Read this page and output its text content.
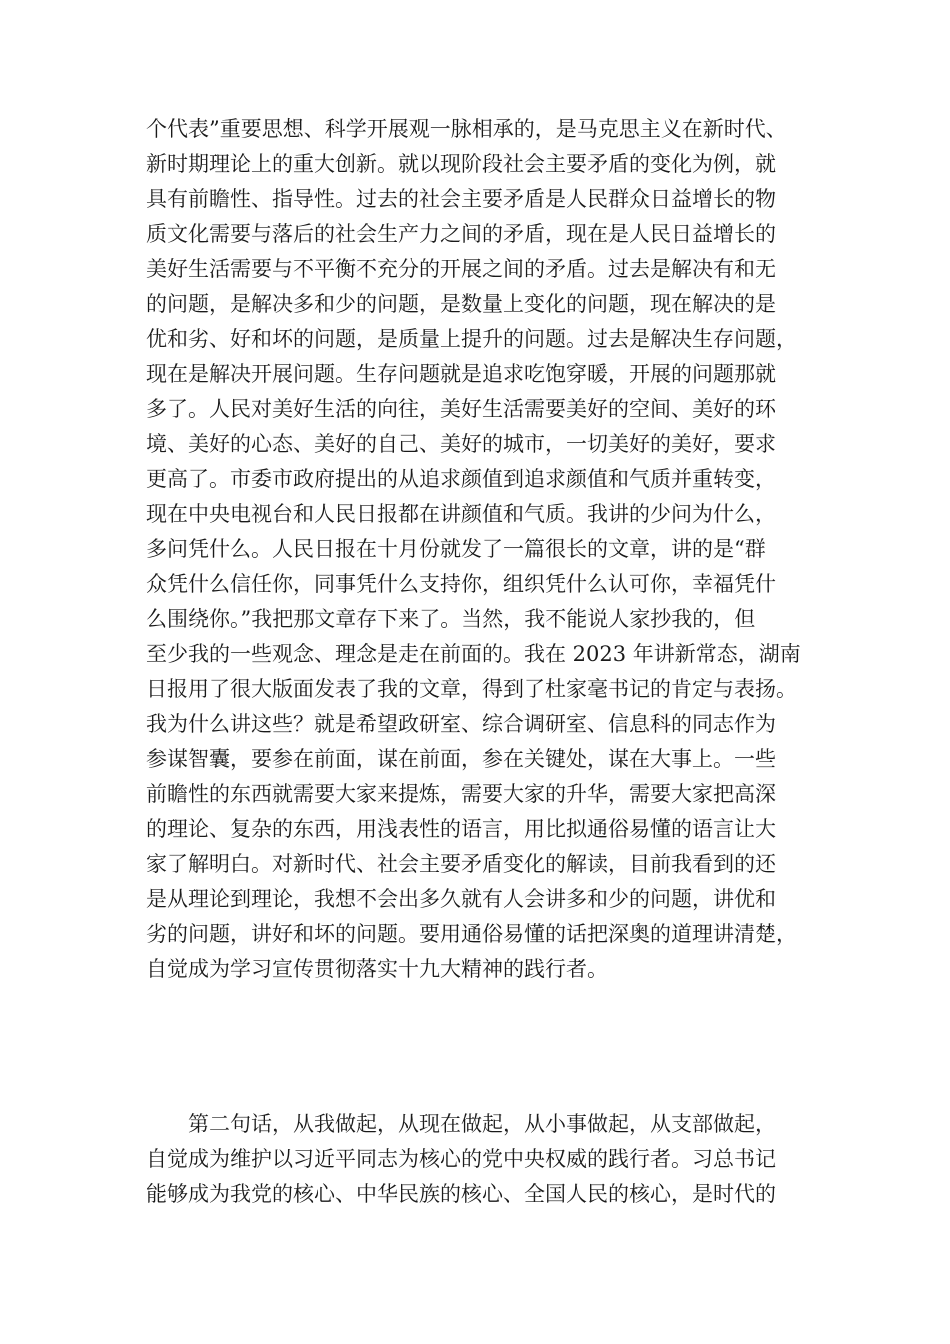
个代表”重要思想、科学开展观一脉相承的，是马克思主义在新时代、
新时期理论上的重大创新。就以现阶段社会主要矛盾的变化为例，就
具有前瞻性、指导性。过去的社会主要矛盾是人民群众日益增长的物
质文化需要与落后的社会生产力之间的矛盾，现在是人民日益增长的
美好生活需要与不平衡不充分的开展之间的矛盾。过去是解决有和无
的问题，是解决多和少的问题，是数量上变化的问题，现在解决的是
优和劣、好和坏的问题，是质量上提升的问题。过去是解决生存问题，
现在是解决开展问题。生存问题就是追求吃饱穿暖，开展的问题那就
多了。人民对美好生活的向往，美好生活需要美好的空间、美好的环
境、美好的心态、美好的自己、美好的城市，一切美好的美好，要求
更高了。市委市政府提出的从追求颜值到追求颜值和气质并重转变，
现在中央电视台和人民日报都在讲颜值和气质。我讲的少问为什么，
多问凭什么。人民日报在十月份就发了一篇很长的文章，讲的是“群
众凭什么信任你，同事凭什么支持你，组织凭什么认可你，幸福凭什
么围绕你。”我把那文章存下来了。当然，我不能说人家抄我的，但
至少我的一些观念、理念是走在前面的。我在 2023 年讲新常态，湖南
日报用了很大版面发表了我的文章，得到了杜家毫书记的肯定与表扬。
我为什么讲这些？就是希望政研室、综合调研室、信息科的同志作为
参谋智囊，要参在前面，谋在前面，参在关键处，谋在大事上。一些
前瞻性的东西就需要大家来提炼，需要大家的升华，需要大家把高深
的理论、复杂的东西，用浅表性的语言，用比拟通俗易懂的语言让大
家了解明白。对新时代、社会主要矛盾变化的解读，目前我看到的还
是从理论到理论，我想不会出多久就有人会讲多和少的问题，讲优和
劣的问题，讲好和坏的问题。要用通俗易懂的话把深奥的道理讲清楚，
自觉成为学习宣传贯彻落实十九大精神的践行者。
　　第二句话，从我做起，从现在做起，从小事做起，从支部做起，
自觉成为维护以习近平同志为核心的党中央权威的践行者。习总书记
能够成为我党的核心、中华民族的核心、全国人民的核心，是时代的
